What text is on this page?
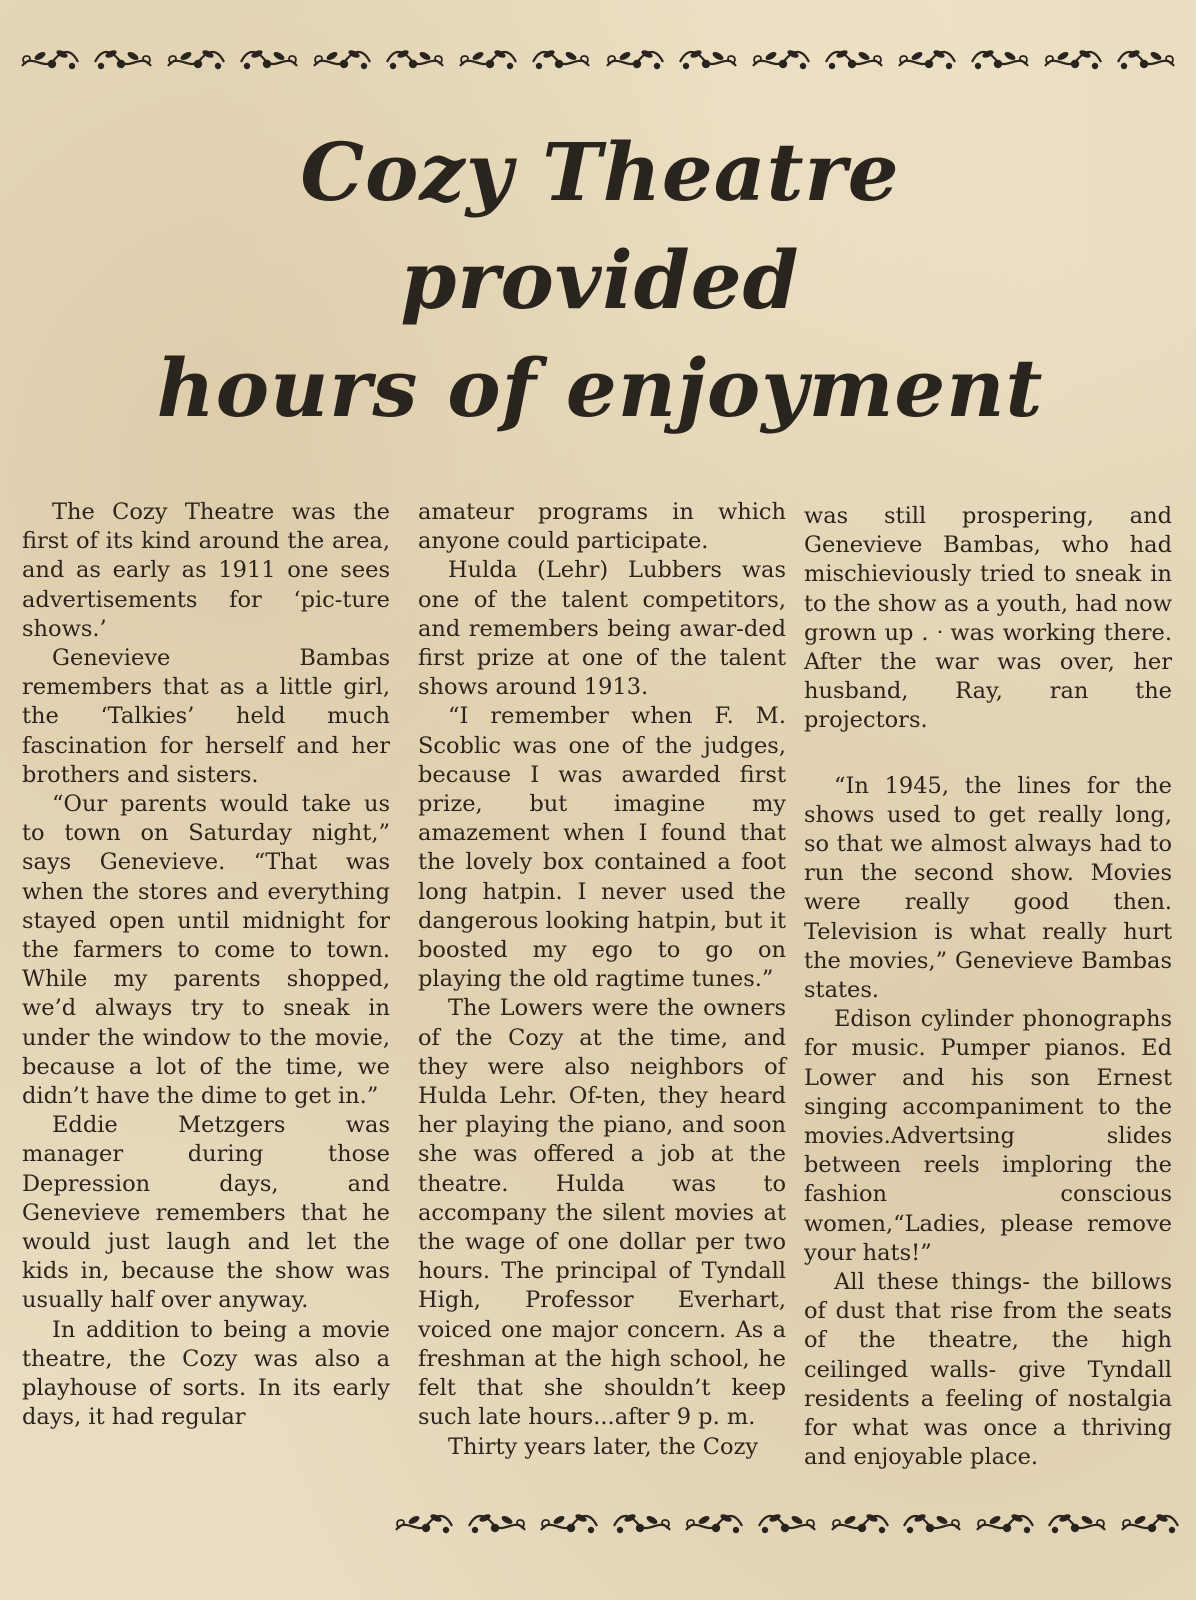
Cozy Theatre
provided
hours of enjoyment

The Cozy Theatre was the first of its kind around the area, and as early as 1911 one sees advertisements for ‘pic-ture shows.’

Genevieve Bambas remembers that as a little girl, the ‘Talkies’ held much fascination for herself and her brothers and sisters.

“Our parents would take us to town on Saturday night,” says Genevieve. “That was when the stores and everything stayed open until midnight for the farmers to come to town. While my parents shopped, we’d always try to sneak in under the window to the movie, because a lot of the time, we didn’t have the dime to get in.”

Eddie Metzgers was manager during those Depression days, and Genevieve remembers that he would just laugh and let the kids in, because the show was usually half over anyway.

In addition to being a movie theatre, the Cozy was also a playhouse of sorts. In its early days, it had regular

amateur programs in which anyone could participate.

Hulda (Lehr) Lubbers was one of the talent competitors, and remembers being awar-ded first prize at one of the talent shows around 1913.

“I remember when F. M. Scoblic was one of the judges, because I was awarded first prize, but imagine my amazement when I found that the lovely box contained a foot long hatpin. I never used the dangerous looking hatpin, but it boosted my ego to go on playing the old ragtime tunes.”

The Lowers were the owners of the Cozy at the time, and they were also neighbors of Hulda Lehr. Of-ten, they heard her playing the piano, and soon she was offered a job at the theatre. Hulda was to accompany the silent movies at the wage of one dollar per two hours. The principal of Tyndall High, Professor Everhart, voiced one major concern. As a freshman at the high school, he felt that she shouldn’t keep such late hours...after 9 p. m.

Thirty years later, the Cozy

was still prospering, and Genevieve Bambas, who had mischieviously tried to sneak in to the show as a youth, had now grown up . ᐧ was working there. After the war was over, her husband, Ray, ran the projectors.

“In 1945, the lines for the shows used to get really long, so that we almost always had to run the second show. Movies were really good then. Television is what really hurt the movies,” Genevieve Bambas states.

Edison cylinder phonographs for music. Pumper pianos. Ed Lower and his son Ernest singing accompaniment to the movies.Advertsing slides between reels imploring the fashion conscious women,“Ladies, please remove your hats!”

All these things- the billows of dust that rise from the seats of the theatre, the high ceilinged walls- give Tyndall residents a feeling of nostalgia for what was once a thriving and enjoyable place.
